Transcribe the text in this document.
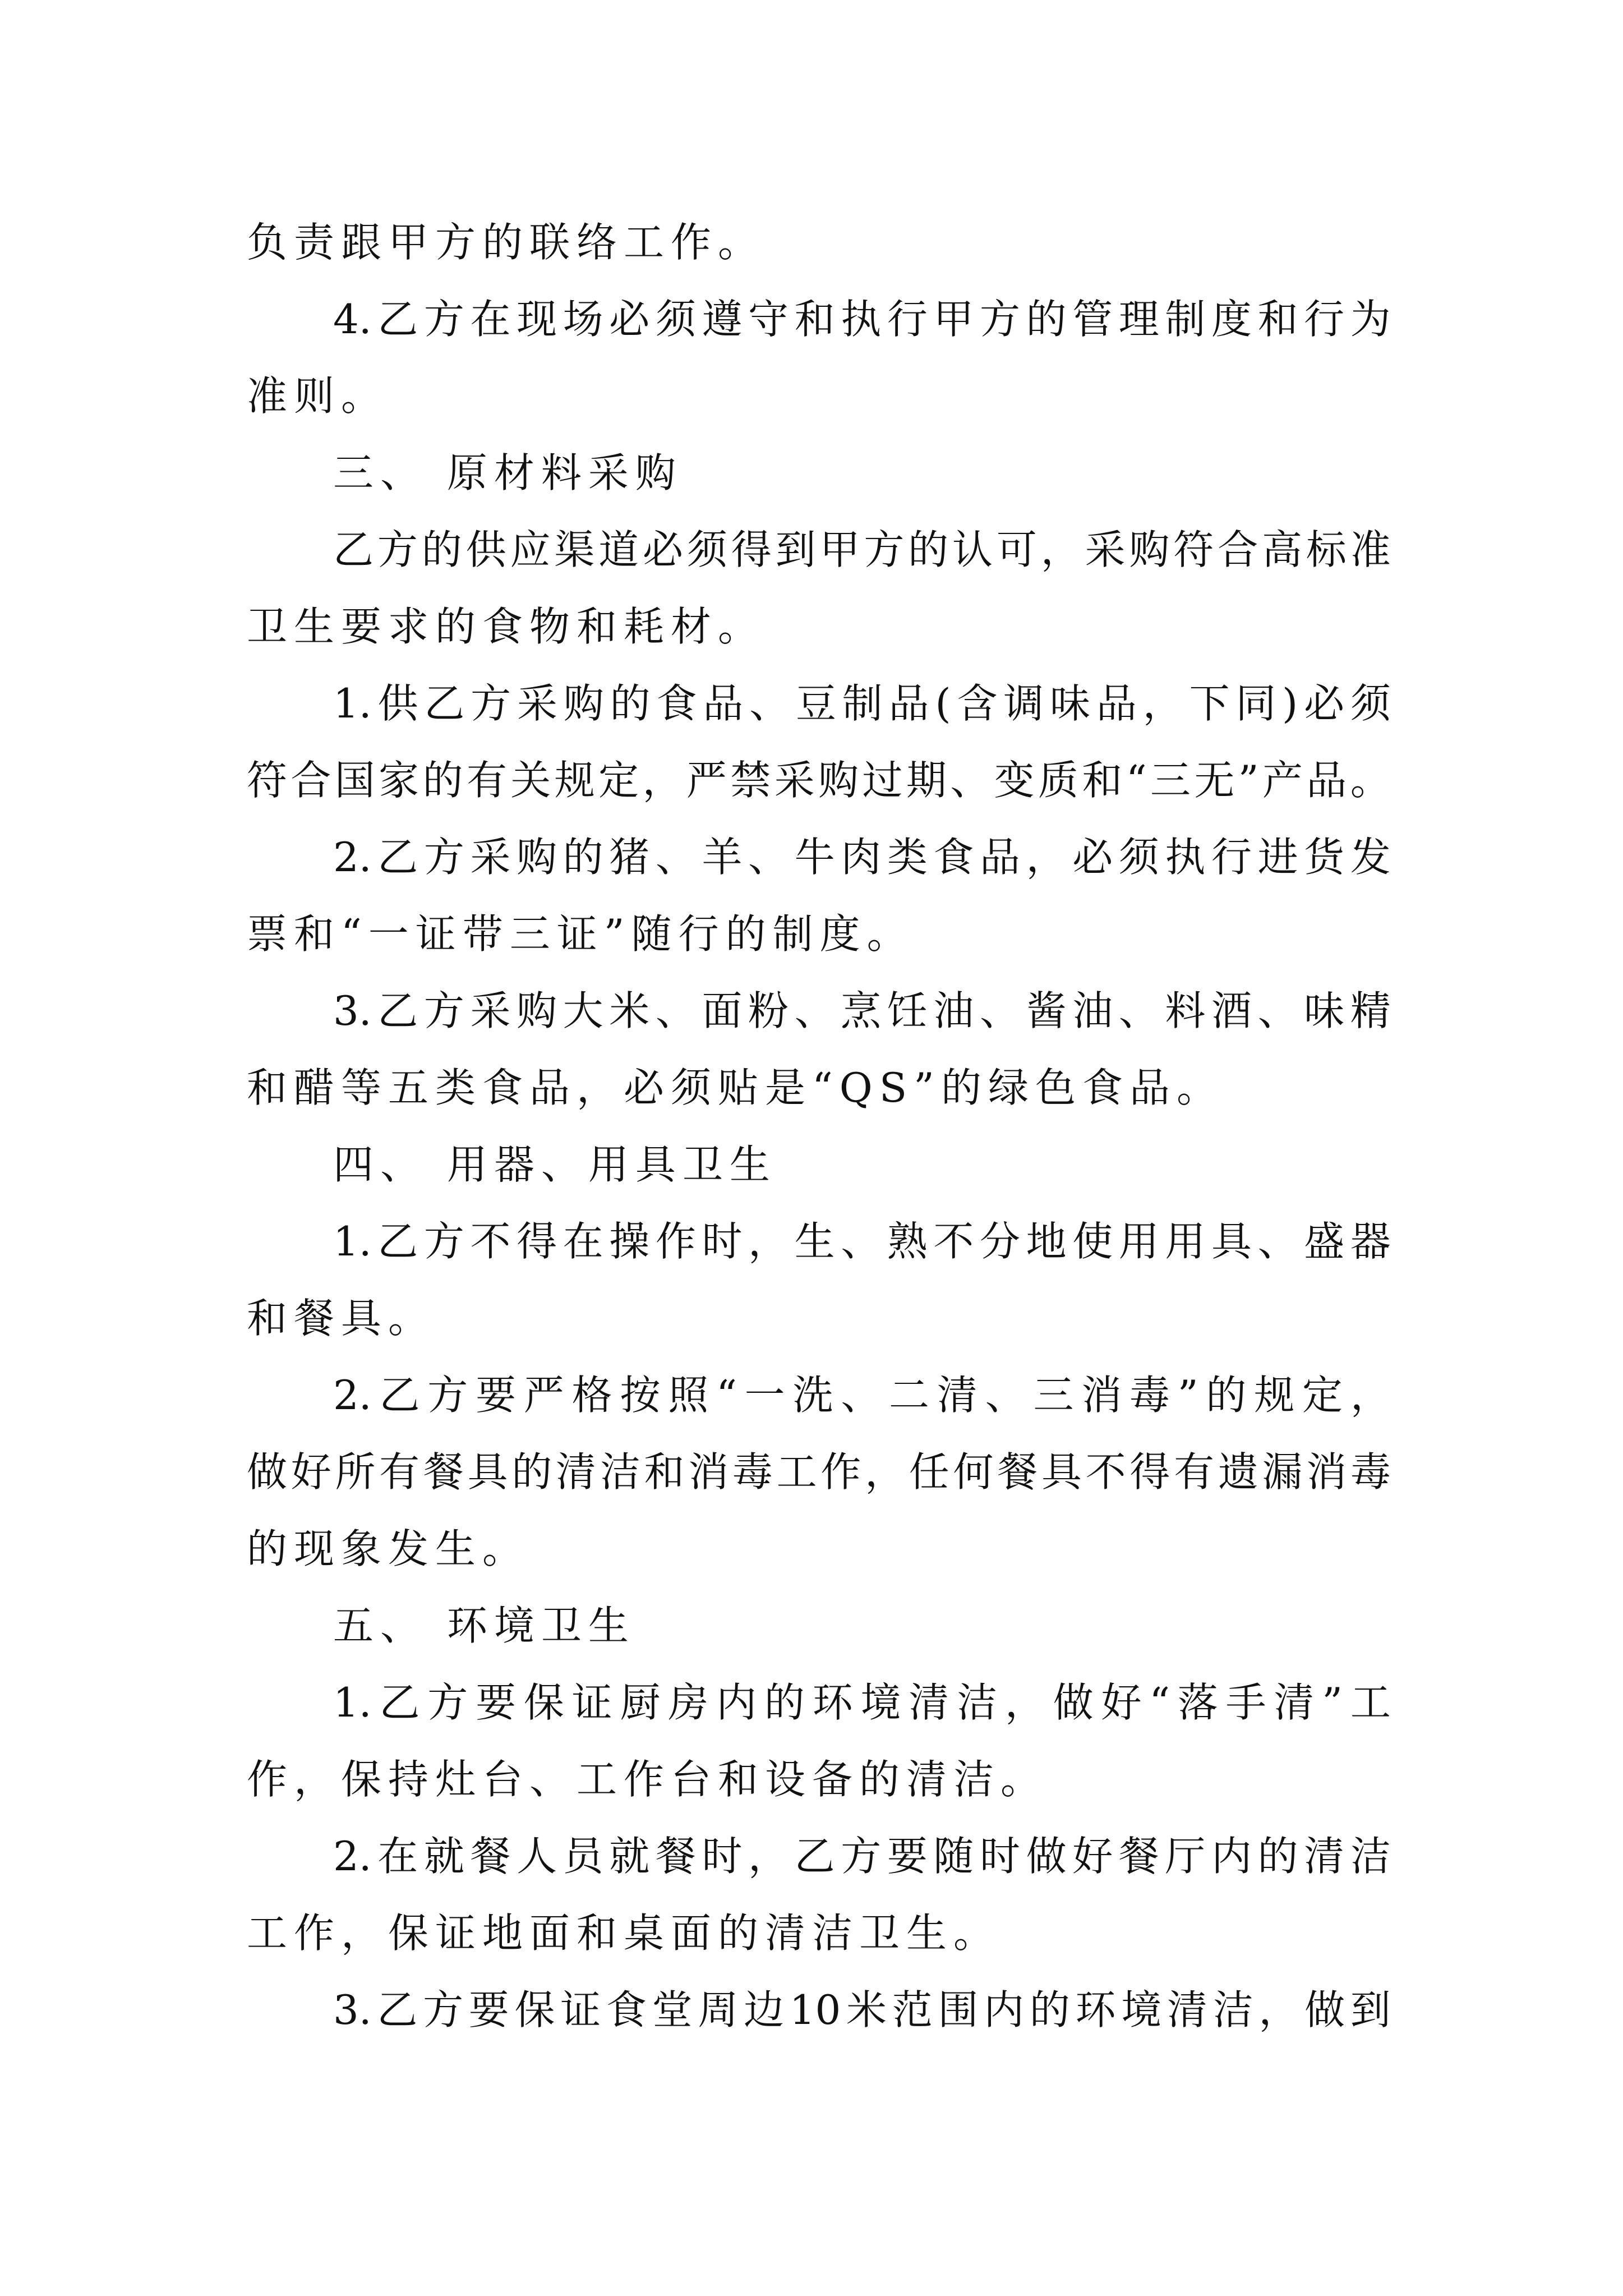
负责跟甲方的联络工作。
4. 乙 方 在 现 场 必 须 遵 守 和 执 行 甲 方 的 管 理 制 度 和 行 为
准则。
三、 原材料采购
乙 方 的 供 应 渠 道 必 须 得 到 甲 方 的 认 可 ， 采 购 符 合 高 标 准
卫生要求的食物和耗材。
1. 供 乙 方 采 购 的 食 品 、 豆 制 品 ( 含 调 味 品 ， 下 同 ) 必 须
符 合 国 家 的 有 关 规 定 ， 严 禁 采 购 过 期 、 变 质 和 “ 三 无 ” 产 品 。
2. 乙 方 采 购 的 猪 、 羊 、 牛 肉 类 食 品 ， 必 须 执 行 进 货 发
票和“一证带三证”随行的制度。
3. 乙 方 采 购 大 米 、 面 粉 、 烹 饪 油 、 酱 油 、 料 酒 、 味 精
和醋等五类食品，必须贴是“QS”的绿色食品。
四、 用器、用具卫生
1. 乙 方 不 得 在 操 作 时 ， 生 、 熟 不 分 地 使 用 用 具 、 盛 器
和餐具。
2. 乙 方 要 严 格 按 照 “ 一 洗 、 二 清 、 三 消 毒 ” 的 规 定 ，
做 好 所 有 餐 具 的 清 洁 和 消 毒 工 作 ， 任 何 餐 具 不 得 有 遗 漏 消 毒
的现象发生。
五、 环境卫生
1. 乙 方 要 保 证 厨 房 内 的 环 境 清 洁 ， 做 好 “ 落 手 清 ” 工
作，保持灶台、工作台和设备的清洁。
2. 在 就 餐 人 员 就 餐 时 ， 乙 方 要 随 时 做 好 餐 厅 内 的 清 洁
工作，保证地面和桌面的清洁卫生。
3. 乙 方 要 保 证 食 堂 周 边 10 米 范 围 内 的 环 境 清 洁 ， 做 到
